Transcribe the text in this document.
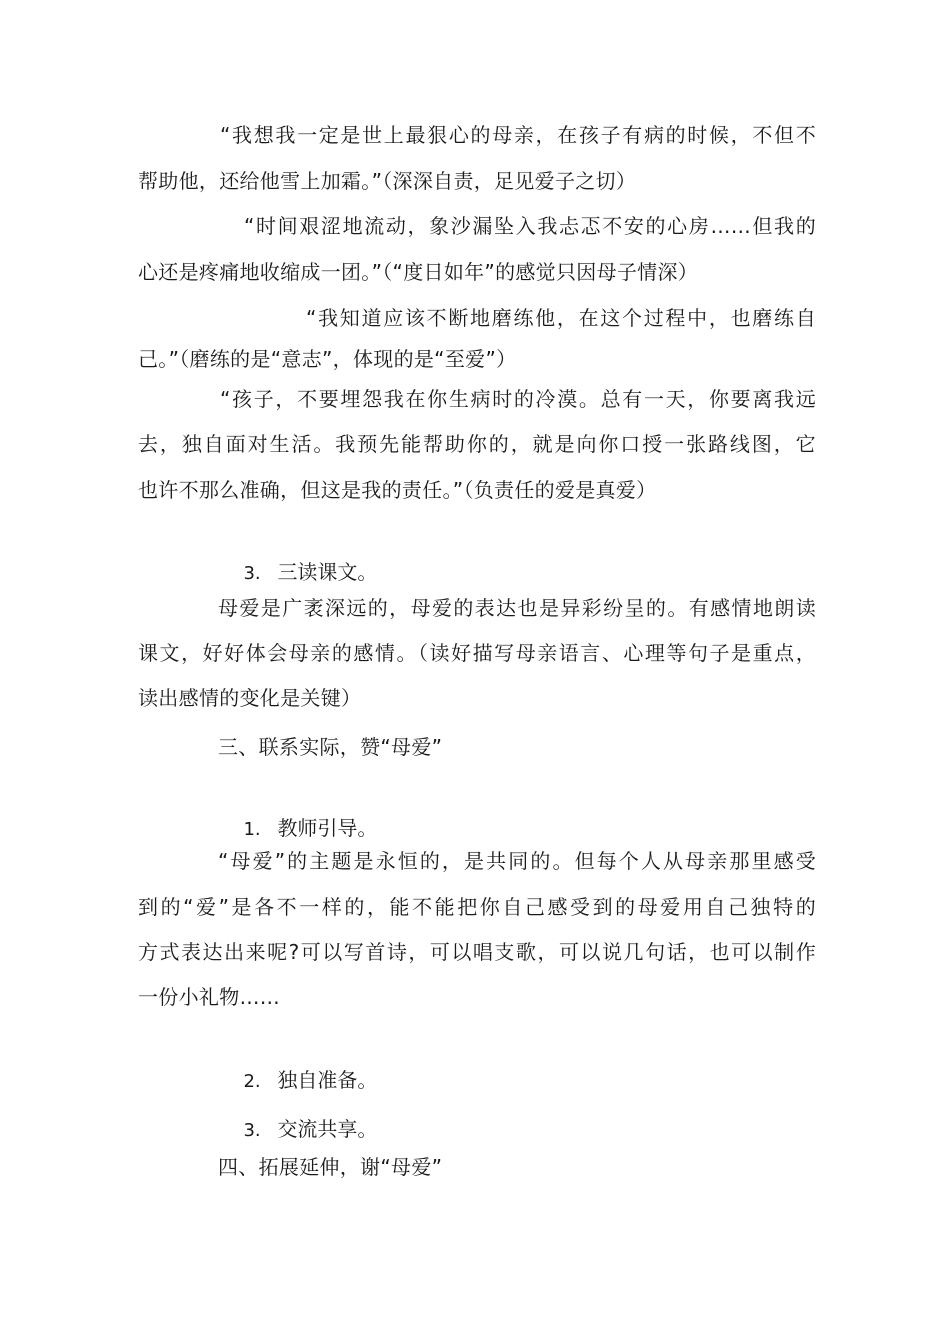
“我想我一定是世上最狠心的母亲，在孩子有病的时候，不但不
帮助他，还给他雪上加霜。”（深深自责，足见爱子之切）
“时间艰涩地流动，象沙漏坠入我忐忑不安的心房……但我的
心还是疼痛地收缩成一团。”（“度日如年”的感觉只因母子情深）
“我知道应该不断地磨练他，在这个过程中，也磨练自
己。”（磨练的是“意志”，体现的是“至爱”）
“孩子，不要埋怨我在你生病时的冷漠。总有一天，你要离我远
去，独自面对生活。我预先能帮助你的，就是向你口授一张路线图，它
也许不那么准确，但这是我的责任。”（负责任的爱是真爱）

3. 三读课文。

母爱是广袤深远的，母爱的表达也是异彩纷呈的。有感情地朗读
课文，好好体会母亲的感情。（读好描写母亲语言、心理等句子是重点，
读出感情的变化是关键）
三、联系实际，赞“母爱”

1. 教师引导。

“母爱”的主题是永恒的，是共同的。但每个人从母亲那里感受
到的“爱”是各不一样的，能不能把你自己感受到的母爱用自己独特的
方式表达出来呢?可以写首诗，可以唱支歌，可以说几句话，也可以制作
一份小礼物……

2. 独自准备。

3. 交流共享。

四、拓展延伸，谢“母爱”
